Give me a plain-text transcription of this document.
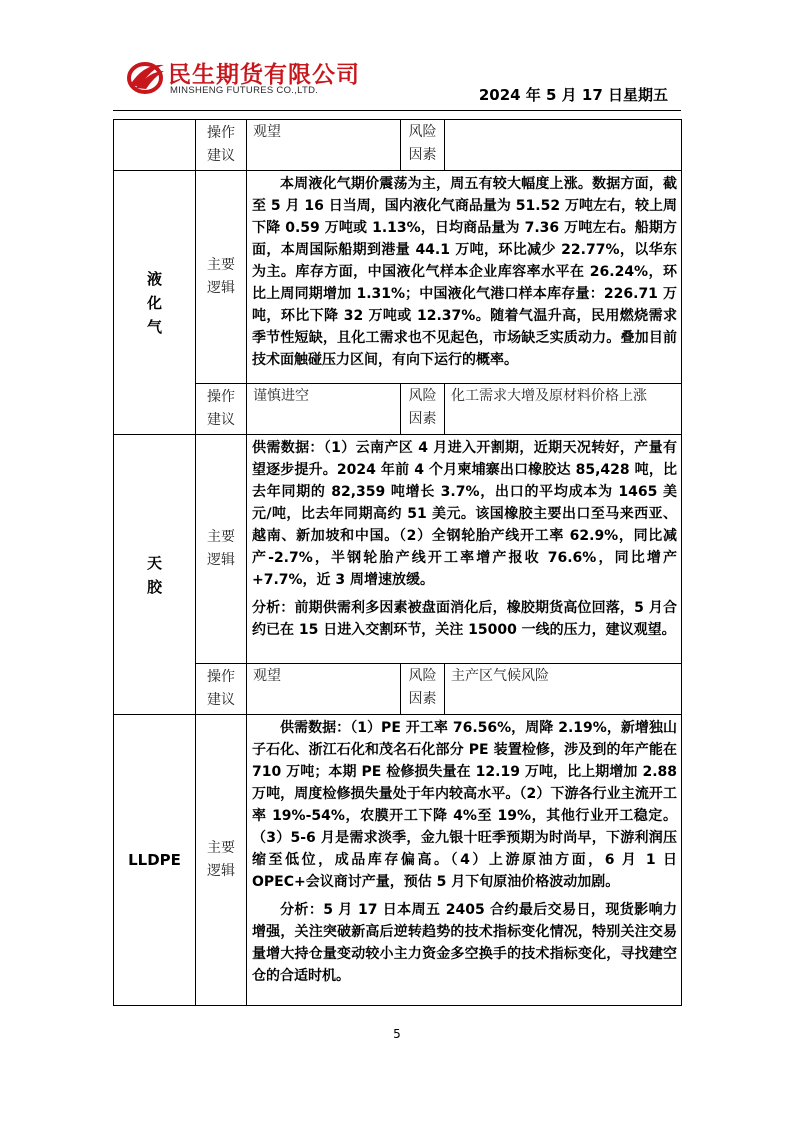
民生期货有限公司
MINSHENG FUTURES CO.,LTD.	2024 年 5 月 17 日星期五
	操作建议	观望	风险因素	
液化气	主要逻辑	本周液化气期价震荡为主，周五有较大幅度上涨。数据方面，截至 5 月 16 日当周，国内液化气商品量为 51.52 万吨左右，较上周下降 0.59 万吨或 1.13%，日均商品量为 7.36 万吨左右。船期方面，本周国际船期到港量 44.1 万吨，环比减少 22.77%，以华东为主。库存方面，中国液化气样本企业库容率水平在 26.24%，环比上周同期增加 1.31%；中国液化气港口样本库存量：226.71 万吨，环比下降 32 万吨或 12.37%。随着气温升高，民用燃烧需求季节性短缺，且化工需求也不见起色，市场缺乏实质动力。叠加目前技术面触碰压力区间，有向下运行的概率。		

	操作建议	谨慎进空	风险因素	化工需求大增及原材料价格上涨
天胶	主要逻辑	供需数据：（1）云南产区 4 月进入开割期，近期天况转好，产量有望逐步提升。2024 年前 4 个月柬埔寨出口橡胶达 85,428 吨，比去年同期的 82,359 吨增长 3.7%，出口的平均成本为 1465 美元/吨，比去年同期高约 51 美元。该国橡胶主要出口至马来西亚、越南、新加坡和中国。（2）全钢轮胎产线开工率 62.9%，同比减产-2.7%，半钢轮胎产线开工率增产报收 76.6%，同比增产+7.7%，近 3 周增速放缓。

分析：前期供需利多因素被盘面消化后，橡胶期货高位回落，5 月合约已在 15 日进入交割环节，关注 15000 一线的压力，建议观望。		

	操作建议	观望	风险因素	主产区气候风险
LLDPE	主要逻辑	供需数据：（1）PE 开工率 76.56%，周降 2.19%，新增独山子石化、浙江石化和茂名石化部分 PE 装置检修，涉及到的年产能在 710 万吨；本期 PE 检修损失量在 12.19 万吨，比上期增加 2.88 万吨，周度检修损失量处于年内较高水平。（2）下游各行业主流开工率 19%-54%，农膜开工下降 4%至 19%，其他行业开工稳定。（3）5-6 月是需求淡季，金九银十旺季预期为时尚早，下游利润压缩至低位，成品库存偏高。（4）上游原油方面，6 月 1 日 OPEC+会议商讨产量，预估 5 月下旬原油价格波动加剧。

分析：5 月 17 日本周五 2405 合约最后交易日，现货影响力增强，关注突破新高后逆转趋势的技术指标变化情况，特别关注交易量增大持仓量变动较小主力资金多空换手的技术指标变化，寻找建空仓的合适时机。		

5
